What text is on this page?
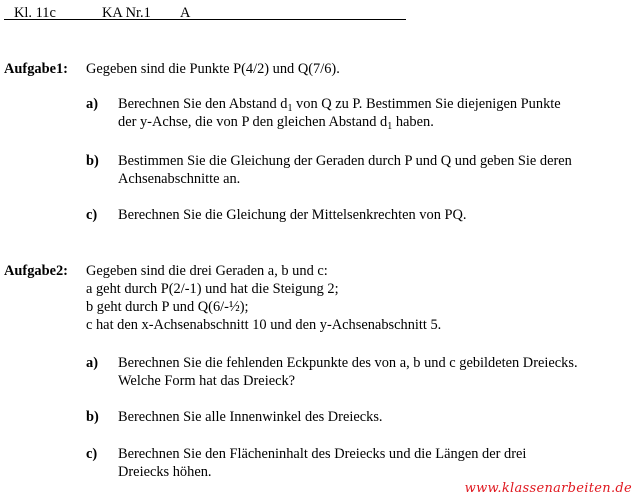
Kl. 11c	KA Nr.1 A
Aufgabe1: Gegeben sind die Punkte P(4/2) und Q(7/6).
a) Berechnen Sie den Abstand $d_1$ von Q zu P. Bestimmen Sie diejenigen Punkte
der y-Achse, die von P den gleichen Abstand $d_1$ haben.
b) Bestimmen Sie die Gleichung der Geraden durch P und Q und geben Sie deren
Achsenabschnitte an.
c) Berechnen Sie die Gleichung der Mittelsenkrechten von PQ.
Aufgabe2: Gegeben sind die drei Geraden a, b und c:
a geht durch P(2/-1) und hat die Steigung 2;
b geht durch P und Q(6/-½);
c hat den x-Achsenabschnitt 10 und den y-Achsenabschnitt 5.
a) Berechnen Sie die fehlenden Eckpunkte des von a, b und c gebildeten Dreiecks.
Welche Form hat das Dreieck?
b) Berechnen Sie alle Innenwinkel des Dreiecks.
c) Berechnen Sie den Flächeninhalt des Dreiecks und die Längen der drei
Dreiecks höhen.
www.klassenarbeiten.de
